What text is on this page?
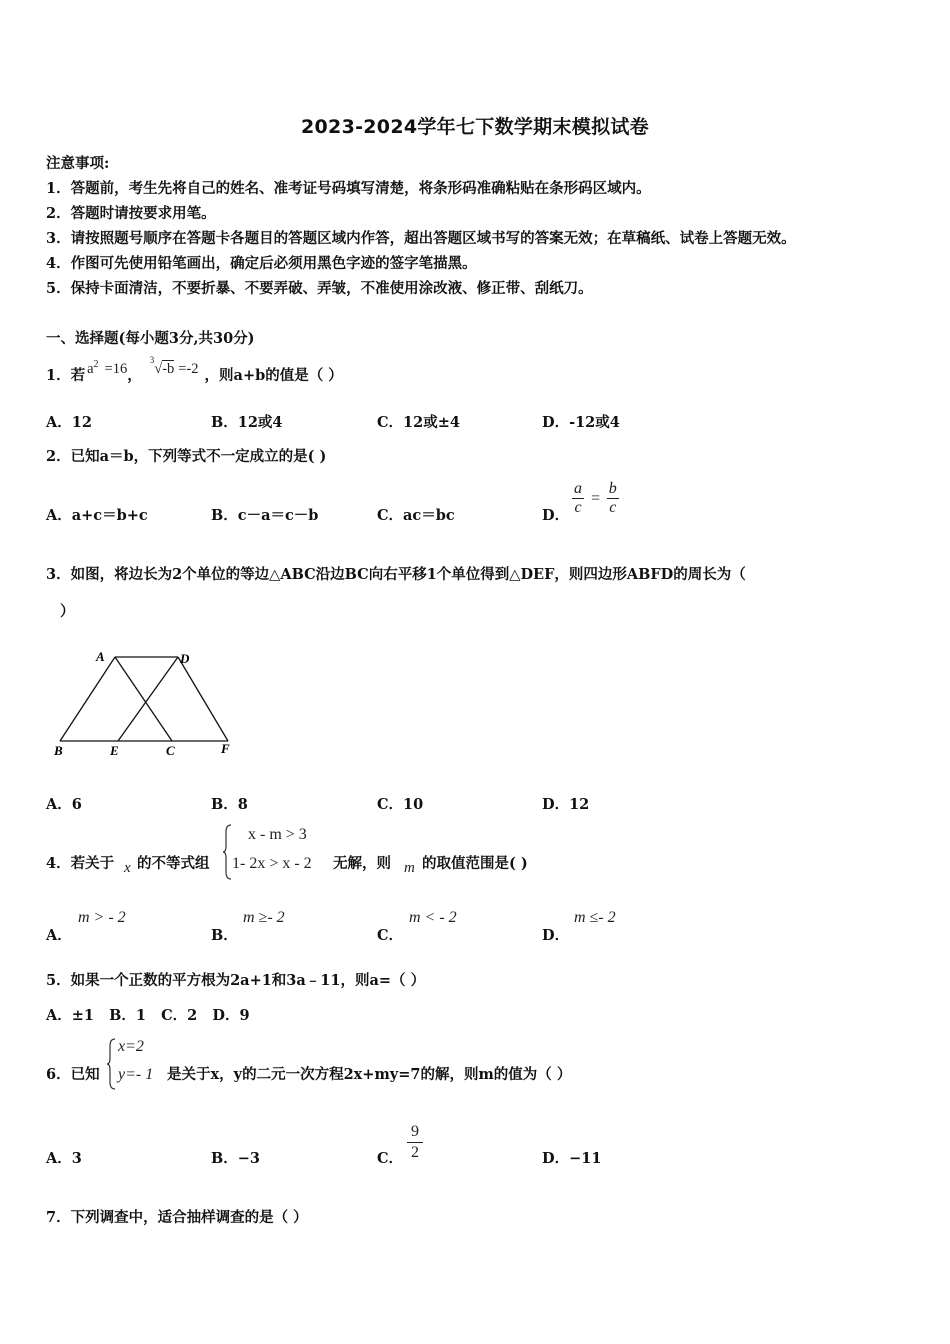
2023-2024学年七下数学期末模拟试卷
注意事项:
1．答题前，考生先将自己的姓名、准考证号码填写清楚，将条形码准确粘贴在条形码区域内。
2．答题时请按要求用笔。
3．请按照题号顺序在答题卡各题目的答题区域内作答，超出答题区域书写的答案无效；在草稿纸、试卷上答题无效。
4．作图可先使用铅笔画出，确定后必须用黑色字迹的签字笔描黑。
5．保持卡面清洁，不要折暴、不要弄破、弄皱，不准使用涂改液、修正带、刮纸刀。
一、选择题(每小题3分,共30分)
1．若 $a^2 =16$，$^3$√-b =-2 ，则a+b的值是（ ）
A．12	B．12或4	C．12或±4	D．-12或4
2．已知a＝b，下列等式不一定成立的是( )
A．a+c＝b+c	B．c－a＝c－b	C．ac＝bc	D． $\frac{a}{c} = \frac{b}{c}$
3．如图，将边长为2个单位的等边△ABC沿边BC向右平移1个单位得到△DEF，则四边形ABFD的周长为（
）
A	D
B	E	C	F
A．6	B．8	C．10	D．12
4．若关于 x 的不等式组
x - m > 3
1- 2x > x - 2 无解，则 m 的取值范围是( )
A．
m > - 2
B．
m ≥- 2
C．
m < - 2
D．
m ≤- 2
5．如果一个正数的平方根为2a+1和3a﹣11，则a=（ ）
A．±1   B．1   C．2   D．9
6．已知
x=2
y=- 1 是关于x，y的二元一次方程2x+my=7的解，则m的值为（ ）
A．3	B．−3	C． $\frac{9}{2}$	D．−11
7．下列调查中，适合抽样调查的是（ ）
